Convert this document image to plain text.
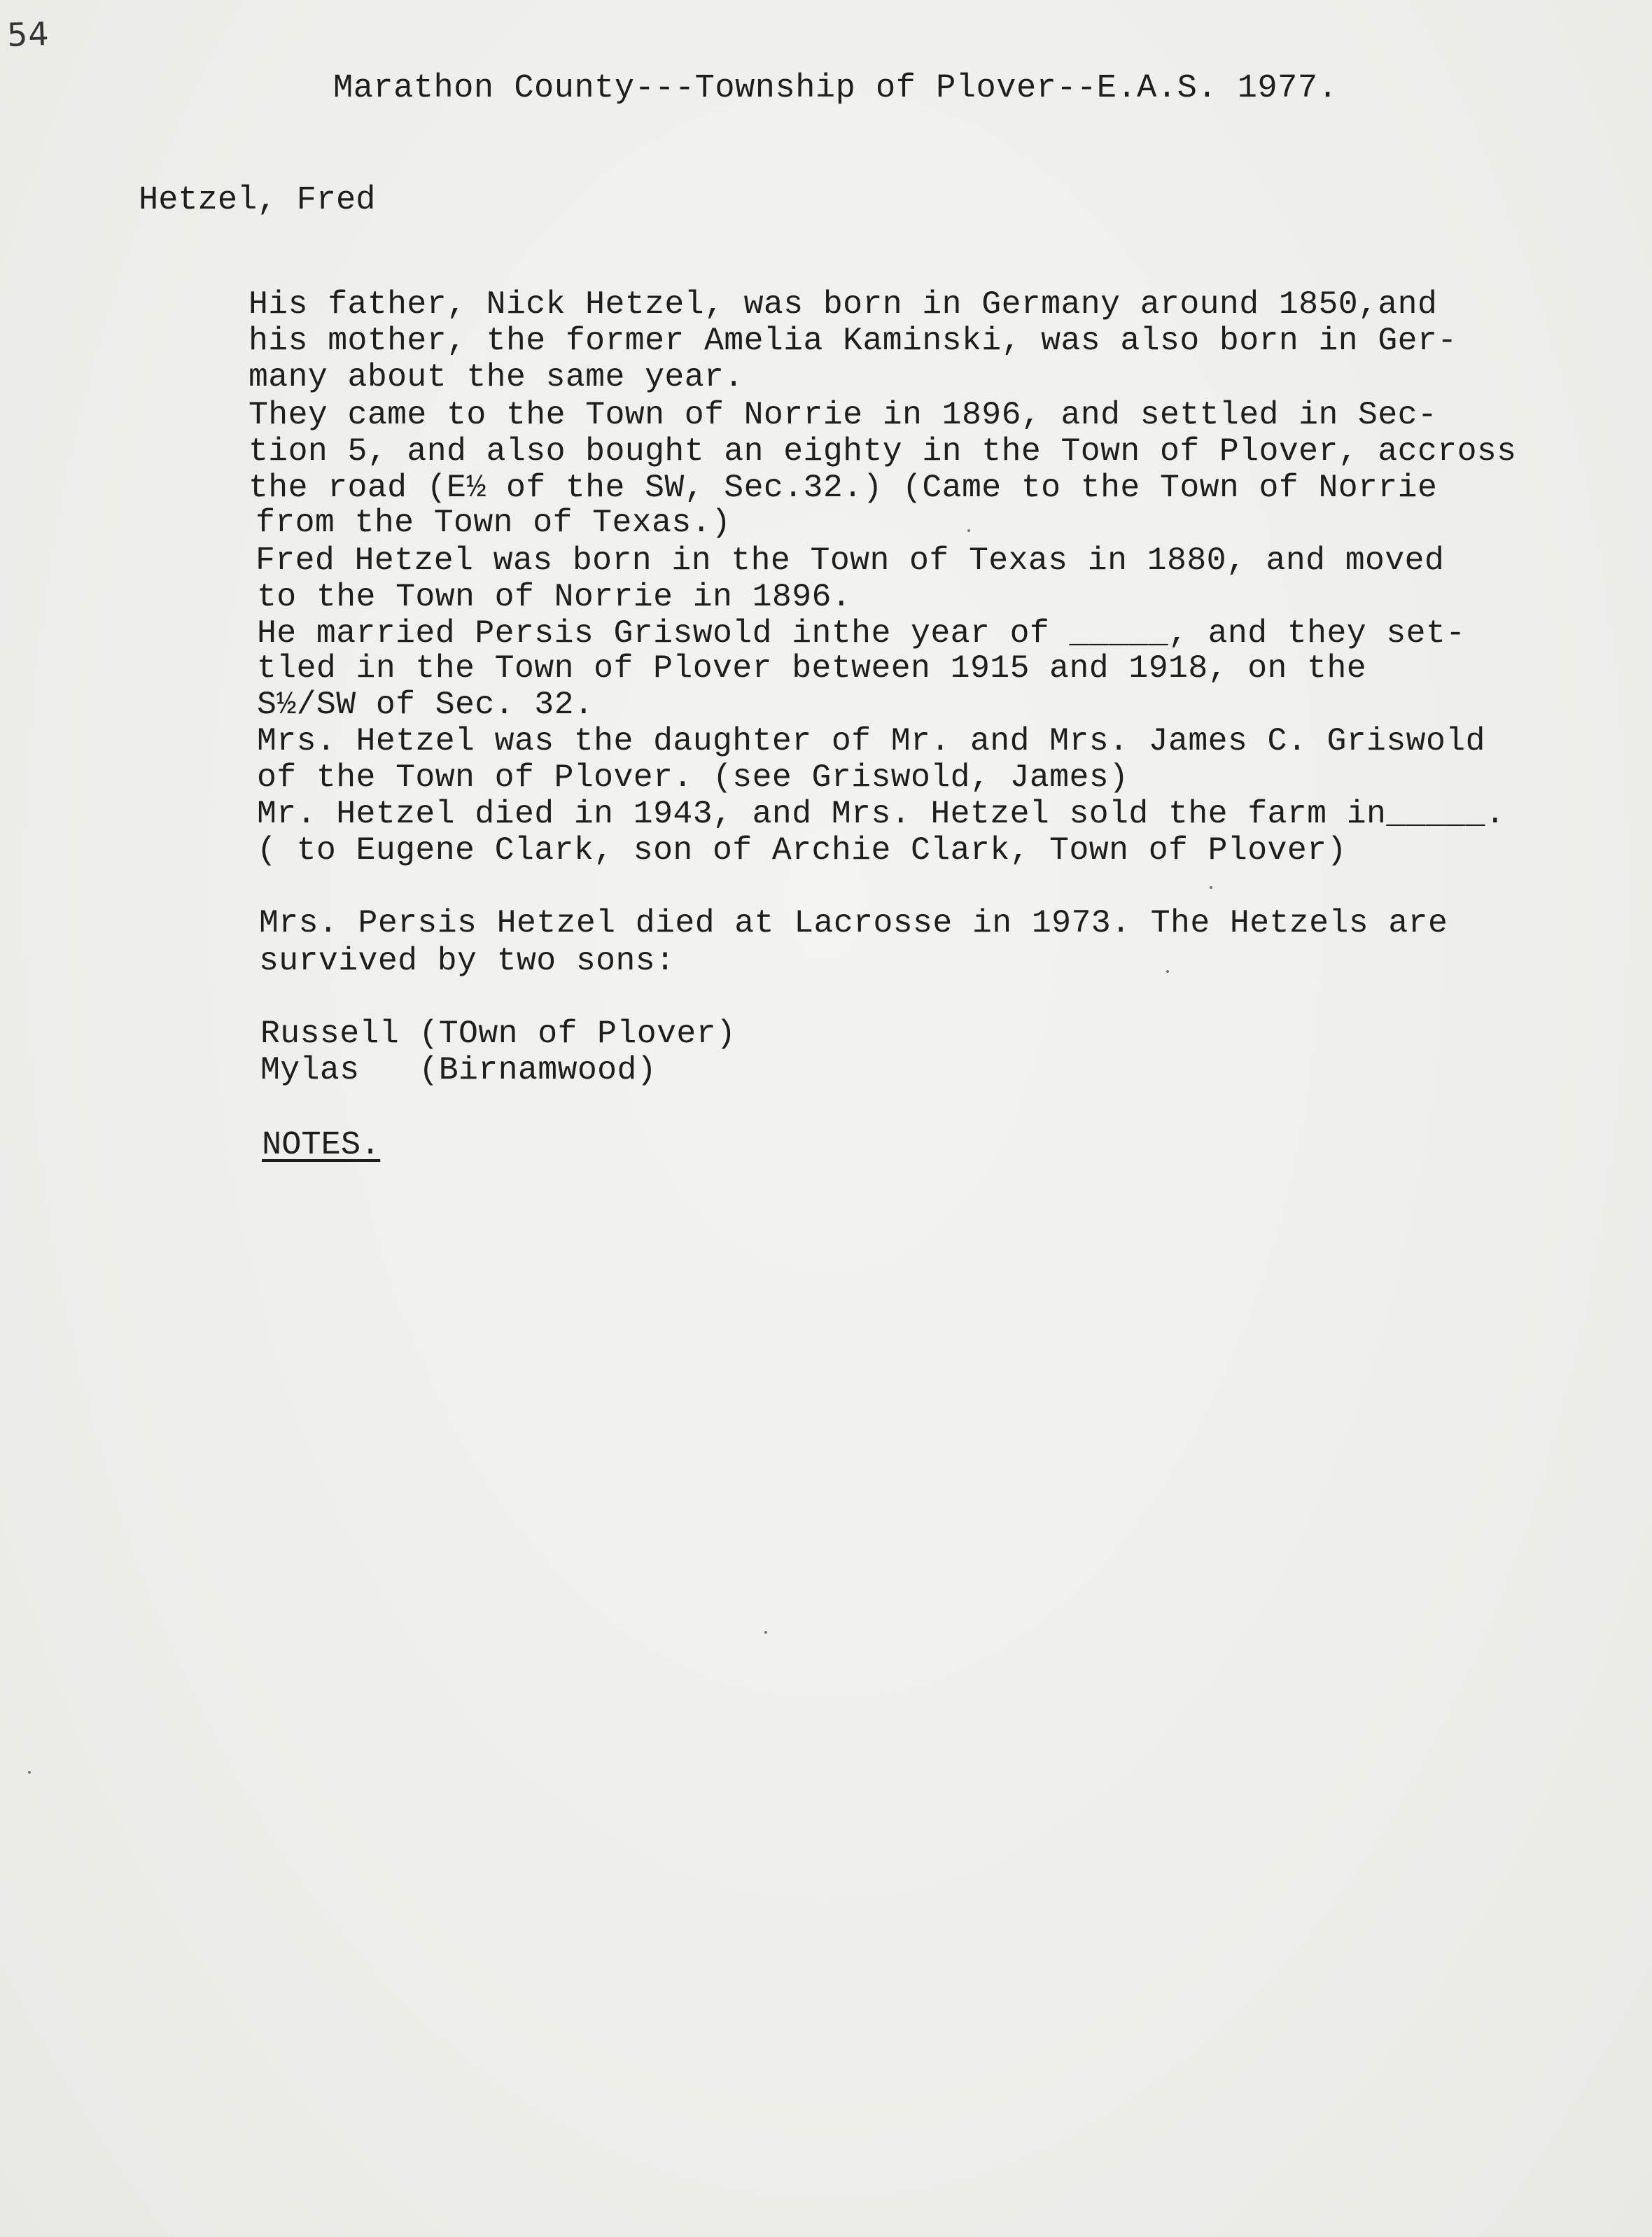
54
Marathon County---Township of Plover--E.A.S. 1977.
Hetzel, Fred
His father, Nick Hetzel, was born in Germany around 1850,and
his mother, the former Amelia Kaminski, was also born in Ger-
many about the same year.
They came to the Town of Norrie in 1896, and settled in Sec-
tion 5, and also bought an eighty in the Town of Plover, accross
the road (E½ of the SW, Sec.32.) (Came to the Town of Norrie
from the Town of Texas.)
Fred Hetzel was born in the Town of Texas in 1880, and moved
to the Town of Norrie in 1896.
He married Persis Griswold inthe year of _____, and they set-
tled in the Town of Plover between 1915 and 1918, on the
S½/SW of Sec. 32.
Mrs. Hetzel was the daughter of Mr. and Mrs. James C. Griswold
of the Town of Plover. (see Griswold, James)
Mr. Hetzel died in 1943, and Mrs. Hetzel sold the farm in_____.
( to Eugene Clark, son of Archie Clark, Town of Plover)
Mrs. Persis Hetzel died at Lacrosse in 1973. The Hetzels are
survived by two sons:
Russell (TOwn of Plover)
Mylas   (Birnamwood)
NOTES.
